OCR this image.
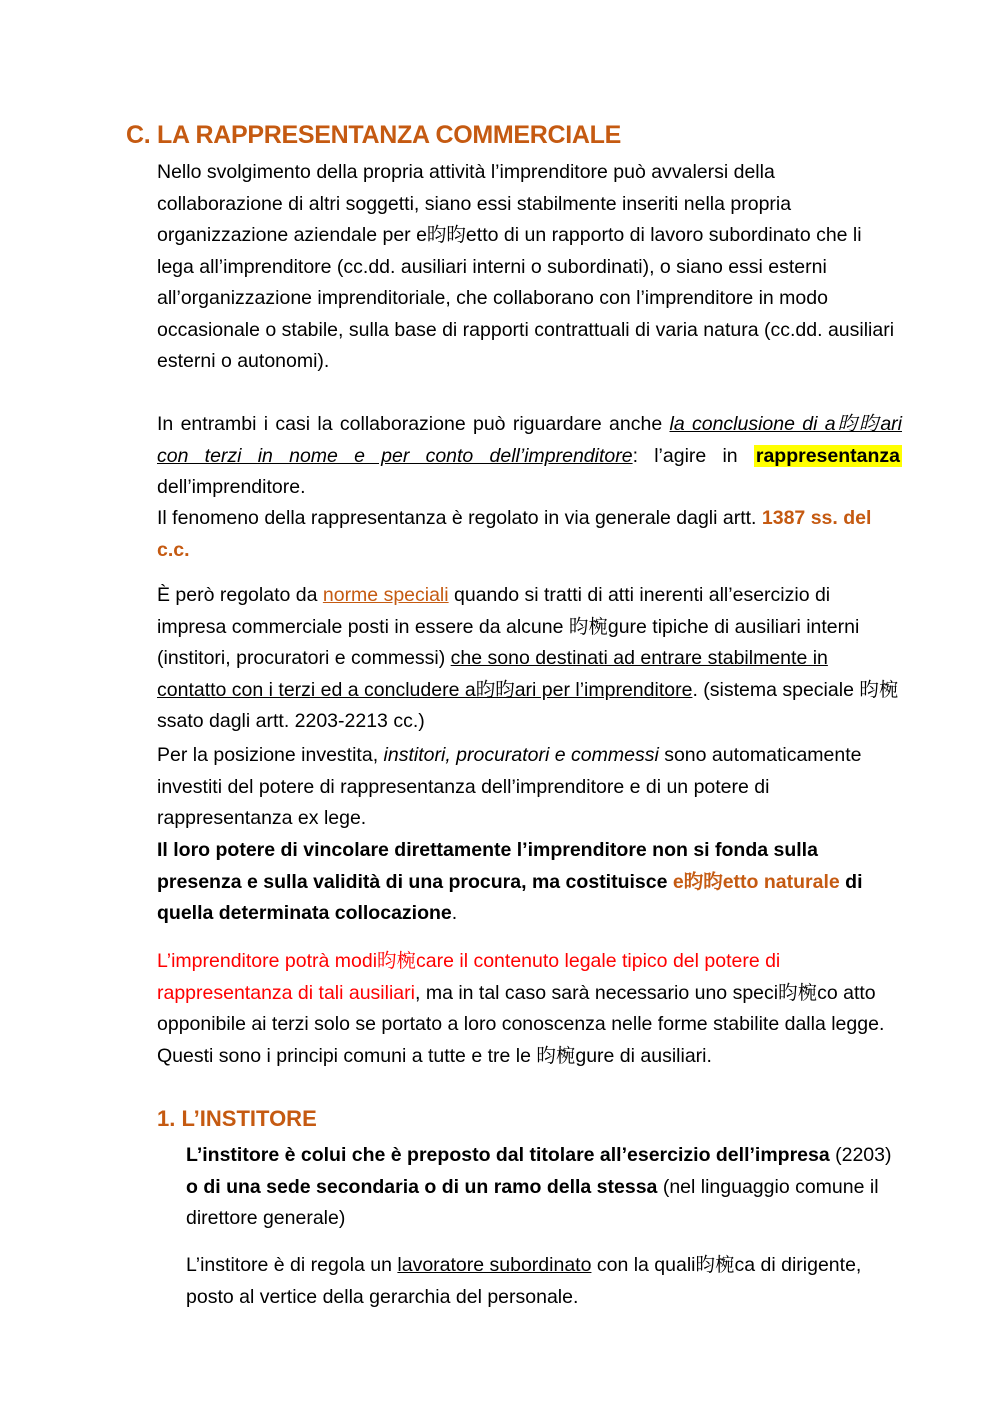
C. LA RAPPRESENTANZA COMMERCIALE
Nello svolgimento della propria attività l’imprenditore può avvalersi della collaborazione di altri soggetti, siano essi stabilmente inseriti nella propria organizzazione aziendale per e昀昀etto di un rapporto di lavoro subordinato che li lega all’imprenditore (cc.dd. ausiliari interni o subordinati), o siano essi esterni all’organizzazione imprenditoriale, che collaborano con l’imprenditore in modo occasionale o stabile, sulla base di rapporti contrattuali di varia natura (cc.dd. ausiliari esterni o autonomi).
In entrambi i casi la collaborazione può riguardare anche la conclusione di a昀昀ari con terzi in nome e per conto dell’imprenditore: l’agire in rappresentanza dell’imprenditore.
Il fenomeno della rappresentanza è regolato in via generale dagli artt. 1387 ss. del c.c.
È però regolato da norme speciali quando si tratti di atti inerenti all’esercizio di impresa commerciale posti in essere da alcune 昀椀gure tipiche di ausiliari interni (institori, procuratori e commessi) che sono destinati ad entrare stabilmente in contatto con i terzi ed a concludere a昀昀ari per l’imprenditore. (sistema speciale 昀椀ssato dagli artt. 2203-2213 cc.)
Per la posizione investita, institori, procuratori e commessi sono automaticamente investiti del potere di rappresentanza dell’imprenditore e di un potere di rappresentanza ex lege.
Il loro potere di vincolare direttamente l’imprenditore non si fonda sulla presenza e sulla validità di una procura, ma costituisce e昀昀etto naturale di quella determinata collocazione.
L’imprenditore potrà modi昀椀care il contenuto legale tipico del potere di rappresentanza di tali ausiliari, ma in tal caso sarà necessario uno speci昀椀co atto opponibile ai terzi solo se portato a loro conoscenza nelle forme stabilite dalla legge. Questi sono i principi comuni a tutte e tre le 昀椀gure di ausiliari.
1. L’INSTITORE
L’institore è colui che è preposto dal titolare all’esercizio dell’impresa (2203) o di una sede secondaria o di un ramo della stessa (nel linguaggio comune il direttore generale)
L’institore è di regola un lavoratore subordinato con la quali昀椀ca di dirigente, posto al vertice della gerarchia del personale.
